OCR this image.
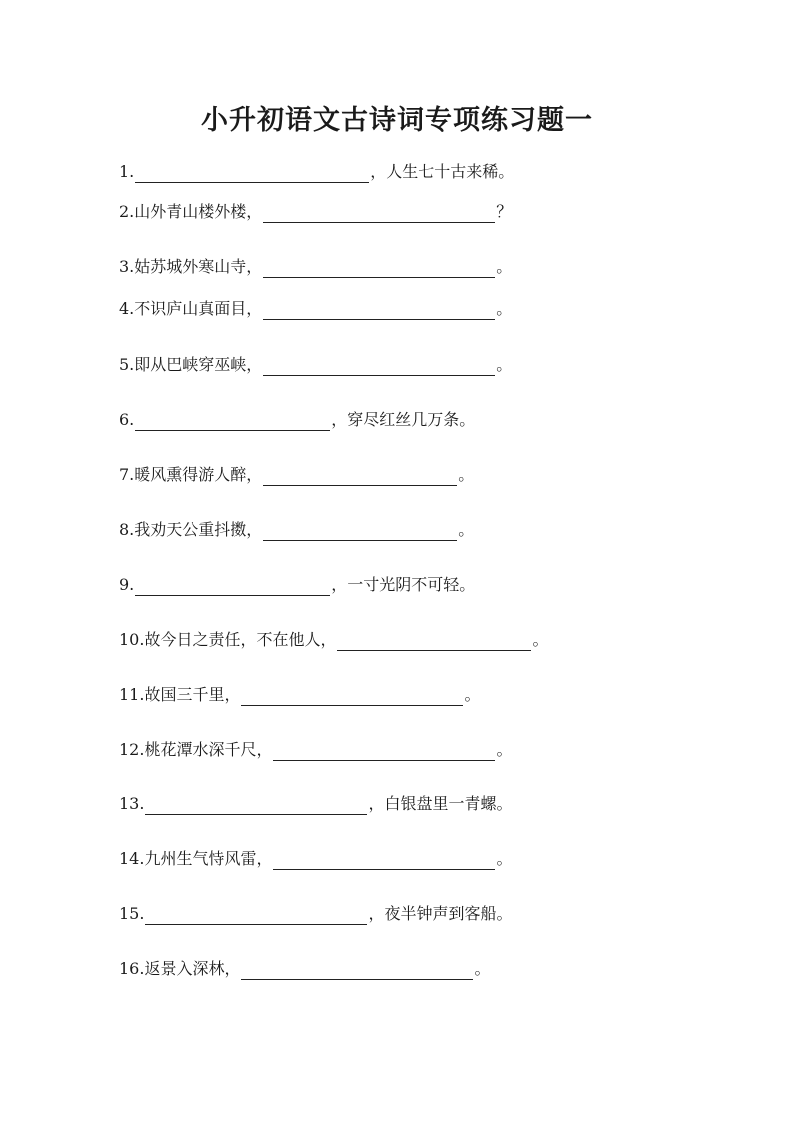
小升初语文古诗词专项练习题一
1.	，人生七十古来稀。
2. 山外青山楼外楼，	？
3. 姑苏城外寒山寺，	。
4. 不识庐山真面目，	。
5. 即从巴峡穿巫峡，	。
6.	，穿尽红丝几万条。
7. 暖风熏得游人醉，	。
8. 我劝天公重抖擞，	。
9.	，一寸光阴不可轻。
10. 故今日之责任，不在他人，	。
11. 故国三千里，	。
12. 桃花潭水深千尺，	。
13.	，白银盘里一青螺。
14. 九州生气恃风雷，	。
15.	，夜半钟声到客船。
16. 返景入深林，	。
